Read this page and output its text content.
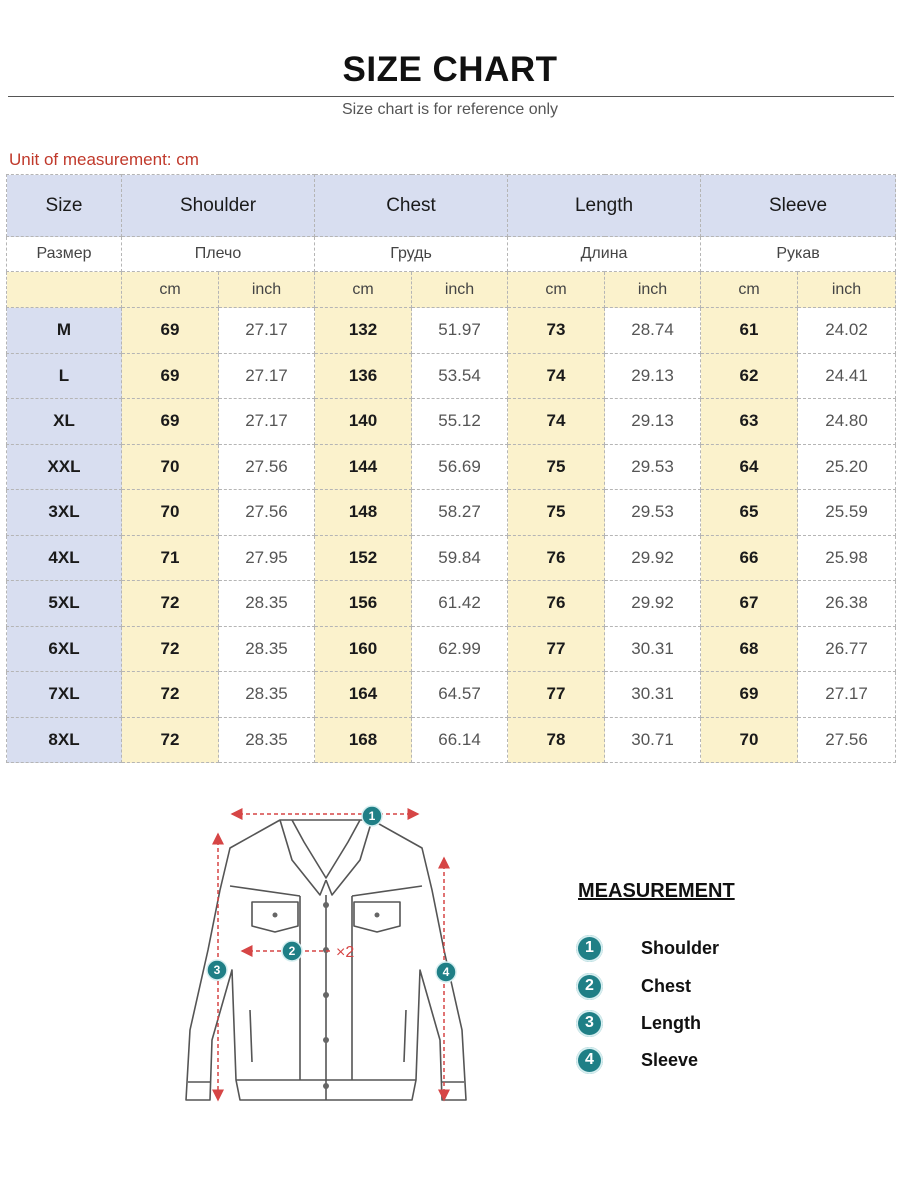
SIZE CHART
Size chart is for reference only
Unit of measurement: cm
Size	Shoulder		Chest		Length		Sleeve	
Размер	Плечо		Грудь		Длина		Рукав	
	cm	inch	cm	inch	cm	inch	cm	inch
M	69	27.17	132	51.97	73	28.74	61	24.02
L	69	27.17	136	53.54	74	29.13	62	24.41
XL	69	27.17	140	55.12	74	29.13	63	24.80
XXL	70	27.56	144	56.69	75	29.53	64	25.20
3XL	70	27.56	148	58.27	75	29.53	65	25.59
4XL	71	27.95	152	59.84	76	29.92	66	25.98
5XL	72	28.35	156	61.42	76	29.92	67	26.38
6XL	72	28.35	160	62.99	77	30.31	68	26.77
7XL	72	28.35	164	64.57	77	30.31	69	27.17
8XL	72	28.35	168	66.14	78	30.71	70	27.56
×2
1
2
3	4
MEASUREMENT
1	Shoulder
2	Chest
3	Length
4	Sleeve
